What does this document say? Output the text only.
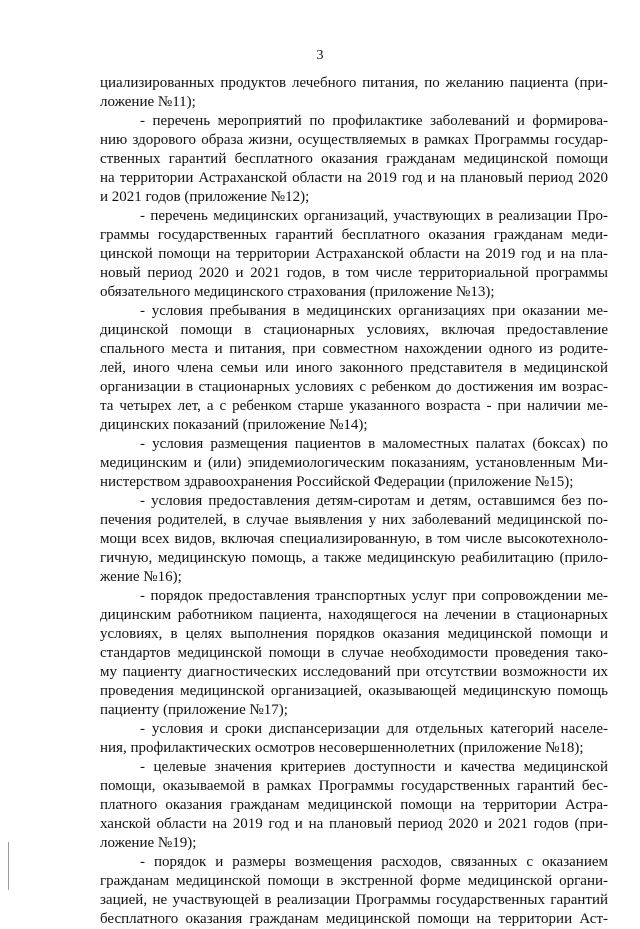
3
циализированных продуктов лечебного питания, по желанию пациента (при-
ложение №11);
- перечень мероприятий по профилактике заболеваний и формирова-
нию здорового образа жизни, осуществляемых в рамках Программы государ-
ственных гарантий бесплатного оказания гражданам медицинской помощи
на территории Астраханской области на 2019 год и на плановый период 2020
и 2021 годов (приложение №12);
- перечень медицинских организаций, участвующих в реализации Про-
граммы государственных гарантий бесплатного оказания гражданам меди-
цинской помощи на территории Астраханской области на 2019 год и на пла-
новый период 2020 и 2021 годов, в том числе территориальной программы
обязательного медицинского страхования (приложение №13);
- условия пребывания в медицинских организациях при оказании ме-
дицинской помощи в стационарных условиях, включая предоставление
спального места и питания, при совместном нахождении одного из родите-
лей, иного члена семьи или иного законного представителя в медицинской
организации в стационарных условиях с ребенком до достижения им возрас-
та четырех лет, а с ребенком старше указанного возраста - при наличии ме-
дицинских показаний (приложение №14);
- условия размещения пациентов в маломестных палатах (боксах) по
медицинским и (или) эпидемиологическим показаниям, установленным Ми-
нистерством здравоохранения Российской Федерации (приложение №15);
- условия предоставления детям-сиротам и детям, оставшимся без по-
печения родителей, в случае выявления у них заболеваний медицинской по-
мощи всех видов, включая специализированную, в том числе высокотехноло-
гичную, медицинскую помощь, а также медицинскую реабилитацию (прило-
жение №16);
- порядок предоставления транспортных услуг при сопровождении ме-
дицинским работником пациента, находящегося на лечении в стационарных
условиях, в целях выполнения порядков оказания медицинской помощи и
стандартов медицинской помощи в случае необходимости проведения тако-
му пациенту диагностических исследований при отсутствии возможности их
проведения медицинской организацией, оказывающей медицинскую помощь
пациенту (приложение №17);
- условия и сроки диспансеризации для отдельных категорий населе-
ния, профилактических осмотров несовершеннолетних (приложение №18);
- целевые значения критериев доступности и качества медицинской
помощи, оказываемой в рамках Программы государственных гарантий бес-
платного оказания гражданам медицинской помощи на территории Астра-
ханской области на 2019 год и на плановый период 2020 и 2021 годов (при-
ложение №19);
- порядок и размеры возмещения расходов, связанных с оказанием
гражданам медицинской помощи в экстренной форме медицинской органи-
зацией, не участвующей в реализации Программы государственных гарантий
бесплатного оказания гражданам медицинской помощи на территории Аст-
